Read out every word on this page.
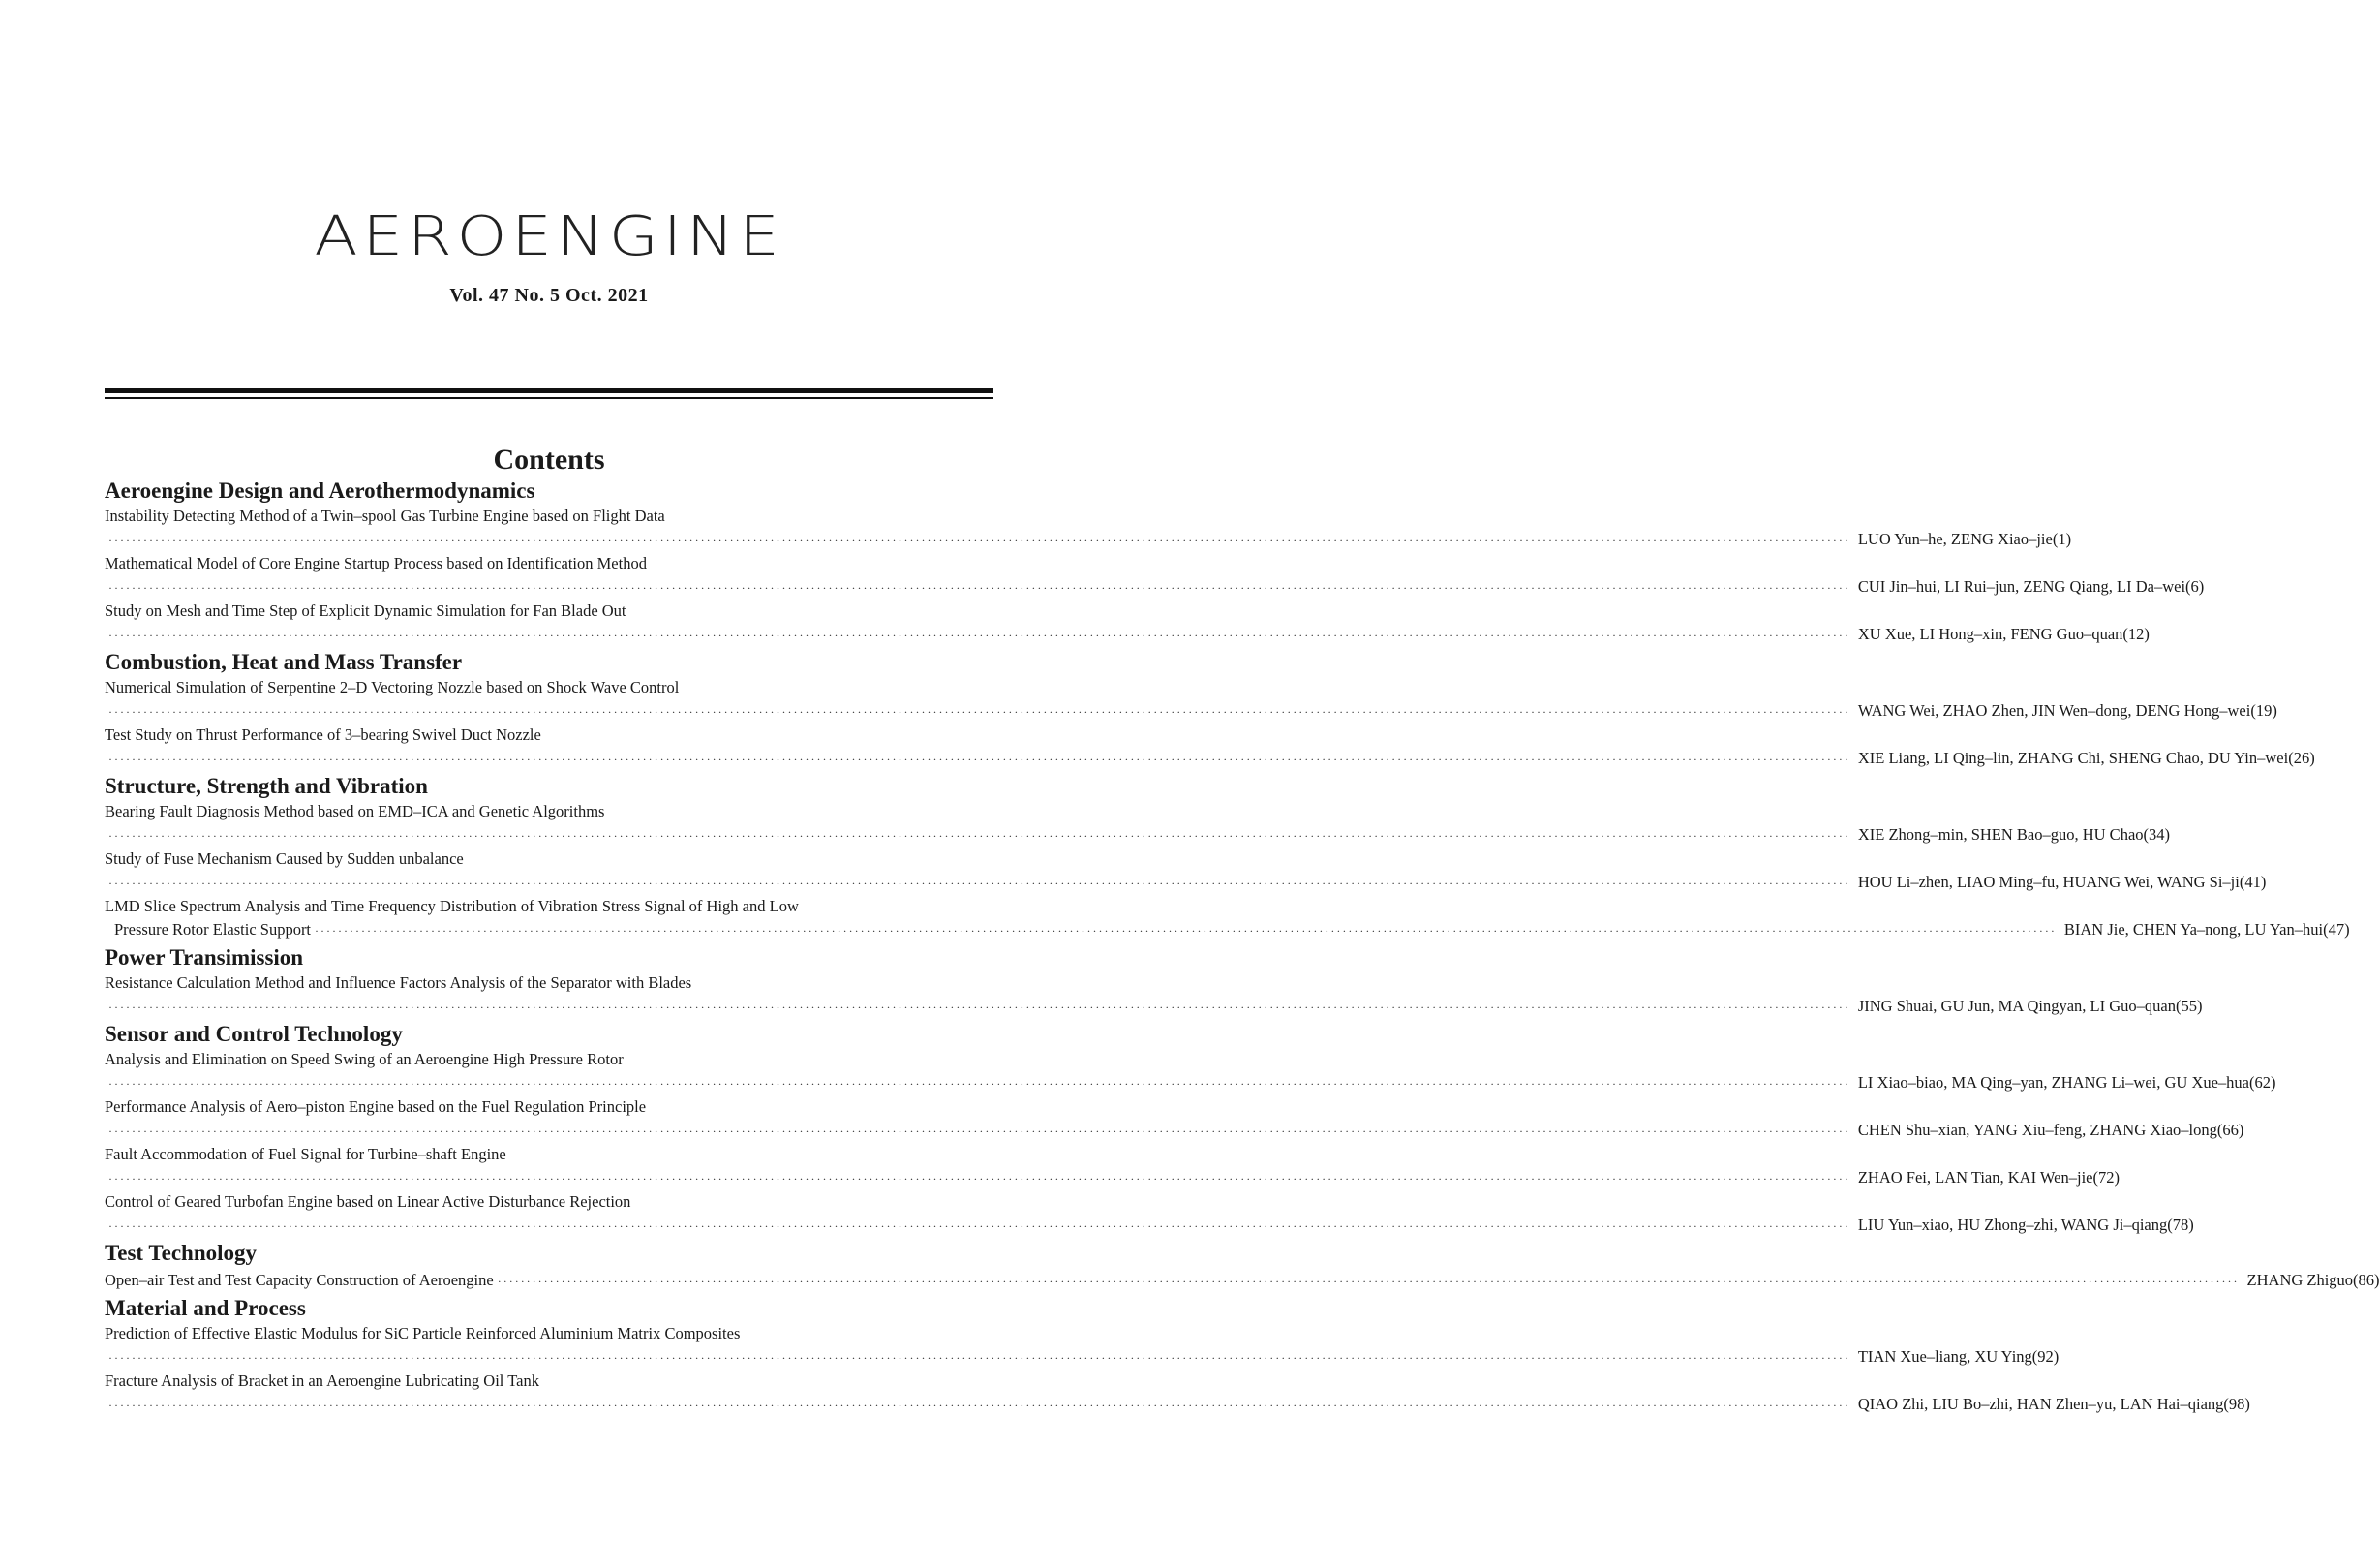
AEROENGINE
Vol. 47 No. 5 Oct. 2021
Contents
Aeroengine Design and Aerothermodynamics
Instability Detecting Method of a Twin–spool Gas Turbine Engine based on Flight Data
············································································································································································································································································································ LUO Yun–he, ZENG Xiao–jie(1)
Mathematical Model of Core Engine Startup Process based on Identification Method
············································································································································································································································································································ CUI Jin–hui, LI Rui–jun, ZENG Qiang, LI Da–wei(6)
Study on Mesh and Time Step of Explicit Dynamic Simulation for Fan Blade Out
············································································································································································································································································································ XU Xue, LI Hong–xin, FENG Guo–quan(12)
Combustion, Heat and Mass Transfer
Numerical Simulation of Serpentine 2–D Vectoring Nozzle based on Shock Wave Control
············································································································································································································································································································ WANG Wei, ZHAO Zhen, JIN Wen–dong, DENG Hong–wei(19)
Test Study on Thrust Performance of 3–bearing Swivel Duct Nozzle
············································································································································································································································································································ XIE Liang, LI Qing–lin, ZHANG Chi, SHENG Chao, DU Yin–wei(26)
Structure, Strength and Vibration
Bearing Fault Diagnosis Method based on EMD–ICA and Genetic Algorithms
············································································································································································································································································································ XIE Zhong–min, SHEN Bao–guo, HU Chao(34)
Study of Fuse Mechanism Caused by Sudden unbalance
············································································································································································································································································································ HOU Li–zhen, LIAO Ming–fu, HUANG Wei, WANG Si–ji(41)
LMD Slice Spectrum Analysis and Time Frequency Distribution of Vibration Stress Signal of High and Low
Pressure Rotor Elastic Support ············································································································································································································································································································ BIAN Jie, CHEN Ya–nong, LU Yan–hui(47)
Power Transimission
Resistance Calculation Method and Influence Factors Analysis of the Separator with Blades
············································································································································································································································································································ JING Shuai, GU Jun, MA Qingyan, LI Guo–quan(55)
Sensor and Control Technology
Analysis and Elimination on Speed Swing of an Aeroengine High Pressure Rotor
············································································································································································································································································································ LI Xiao–biao, MA Qing–yan, ZHANG Li–wei, GU Xue–hua(62)
Performance Analysis of Aero–piston Engine based on the Fuel Regulation Principle
············································································································································································································································································································ CHEN Shu–xian, YANG Xiu–feng, ZHANG Xiao–long(66)
Fault Accommodation of Fuel Signal for Turbine–shaft Engine
············································································································································································································································································································ ZHAO Fei, LAN Tian, KAI Wen–jie(72)
Control of Geared Turbofan Engine based on Linear Active Disturbance Rejection
············································································································································································································································································································ LIU Yun–xiao, HU Zhong–zhi, WANG Ji–qiang(78)
Test Technology
Open–air Test and Test Capacity Construction of Aeroengine ············································································································································································································································································································ ZHANG Zhiguo(86)
Material and Process
Prediction of Effective Elastic Modulus for SiC Particle Reinforced Aluminium Matrix Composites
············································································································································································································································································································ TIAN Xue–liang, XU Ying(92)
Fracture Analysis of Bracket in an Aeroengine Lubricating Oil Tank
············································································································································································································································································································ QIAO Zhi, LIU Bo–zhi, HAN Zhen–yu, LAN Hai–qiang(98)
